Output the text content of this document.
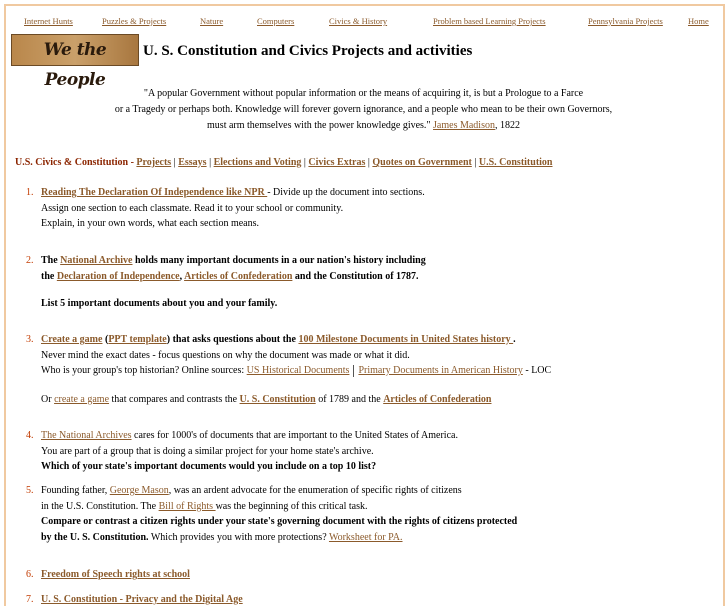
Internet Hunts	Puzzles & Projects	Nature	Computers	Civics & History	Problem based Learning Projects	Pennsylvania Projects	Home
We the People
U. S. Constitution and Civics Projects and activities
"A popular Government without popular information or the means of acquiring it, is but a Prologue to a Farce
or a Tragedy or perhaps both. Knowledge will forever govern ignorance, and a people who mean to be their own Governors,
must arm themselves with the power knowledge gives." James Madison, 1822
U.S. Civics & Constitution - Projects | Essays | Elections and Voting | Civics Extras | Quotes on Government | U.S. Constitution
1. Reading The Declaration Of Independence like NPR - Divide up the document into sections.
Assign one section to each classmate. Read it to your school or community.
Explain, in your own words, what each section means.
2. The National Archive holds many important documents in a our nation's history including
the Declaration of Independence, Articles of Confederation and the Constitution of 1787.
List 5 important documents about you and your family.
3. Create a game (PPT template) that asks questions about the 100 Milestone Documents in United States history .
Never mind the exact dates - focus questions on why the document was made or what it did.
Who is your group's top historian? Online sources: US Historical Documents Primary Documents in American History - LOC
Or create a game that compares and contrasts the U. S. Constitution of 1789 and the Articles of Confederation
4. The National Archives cares for 1000's of documents that are important to the United States of America.
You are part of a group that is doing a similar project for your home state's archive.
Which of your state's important documents would you include on a top 10 list?
5. Founding father, George Mason, was an ardent advocate for the enumeration of specific rights of citizens
in the U.S. Constitution. The Bill of Rights was the beginning of this critical task.
Compare or contrast a citizen rights under your state's governing document with the rights of citizens protected
by the U. S. Constitution. Which provides you with more protections? Worksheet for PA.
6. Freedom of Speech rights at school
7. U. S. Constitution - Privacy and the Digital Age
